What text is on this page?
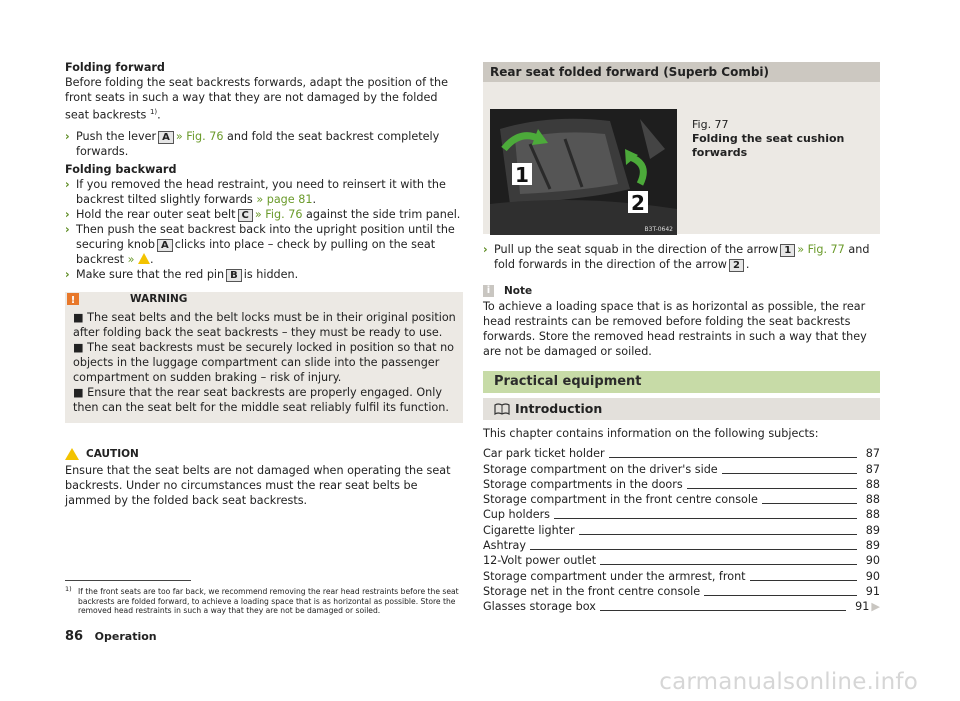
Folding forward

Before folding the seat backrests forwards, adapt the position of the front seats in such a way that they are not damaged by the folded seat backrests $^{1)}$.

› Push the lever A » Fig. 76 and fold the seat backrest completely forwards.

Folding backward

› If you removed the head restraint, you need to reinsert it with the backrest tilted slightly forwards » page 81.

› Hold the rear outer seat belt C » Fig. 76 against the side trim panel.

› Then push the seat backrest back into the upright position until the securing knob A clicks into place – check by pulling on the seat backrest » .

› Make sure that the red pin B is hidden.

!	WARNING

■ The seat belts and the belt locks must be in their original position after folding back the seat backrests – they must be ready to use.

■ The seat backrests must be securely locked in position so that no objects in the luggage compartment can slide into the passenger compartment on sudden braking – risk of injury.

■ Ensure that the rear seat backrests are properly engaged. Only then can the seat belt for the middle seat reliably fulfil its function.

CAUTION

Ensure that the seat belts are not damaged when operating the seat backrests. Under no circumstances must the rear seat belts be jammed by the folded back seat backrests.

Rear seat folded forward (Superb Combi)
1
2
B3T-0642

Fig. 77

Folding the seat cushion forwards

› Pull up the seat squab in the direction of the arrow 1 » Fig. 77 and fold forwards in the direction of the arrow 2 .

i	Note

To achieve a loading space that is as horizontal as possible, the rear head restraints can be removed before folding the seat backrests forwards. Store the removed head restraints in such a way that they are not be damaged or soiled.

Practical equipment
Introduction

This chapter contains information on the following subjects:

Car park ticket holder	87
Storage compartment on the driver's side	87
Storage compartments in the doors	88
Storage compartment in the front centre console	88
Cup holders	88
Cigarette lighter	89
Ashtray	89
12-Volt power outlet	90
Storage compartment under the armrest, front	90
Storage net in the front centre console	91
Glasses storage box	91 ▶

1) If the front seats are too far back, we recommend removing the rear head restraints before the seat backrests are folded forward, to achieve a loading space that is as horizontal as possible. Store the removed head restraints in such a way that they are not be damaged or soiled.

86 Operation
carmanualsonline.info
